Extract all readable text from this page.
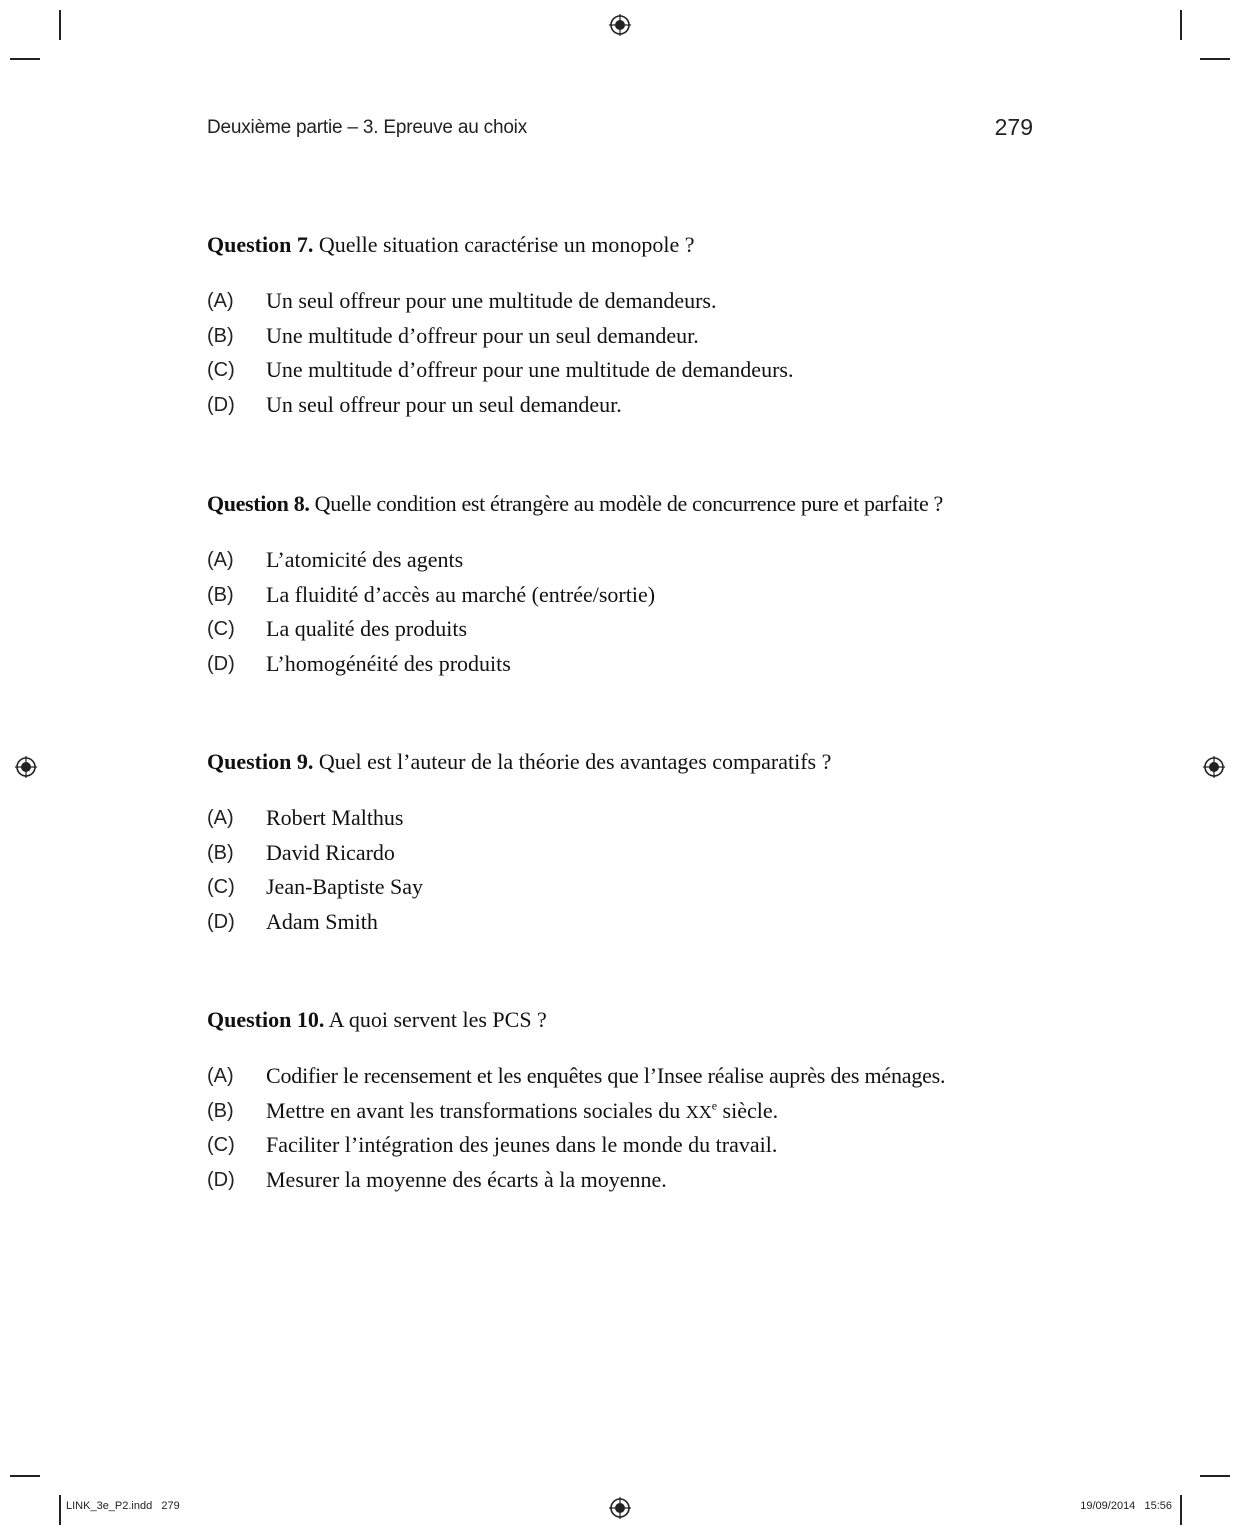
Deuxième partie – 3. Epreuve au choix	279
Question 7. Quelle situation caractérise un monopole ?
(A)	Un seul offreur pour une multitude de demandeurs.
(B)	Une multitude d’offreur pour un seul demandeur.
(C)	Une multitude d’offreur pour une multitude de demandeurs.
(D)	Un seul offreur pour un seul demandeur.
Question 8. Quelle condition est étrangère au modèle de concurrence pure et parfaite ?
(A)	L’atomicité des agents
(B)	La fluidité d’accès au marché (entrée/sortie)
(C)	La qualité des produits
(D)	L’homogénéité des produits
Question 9. Quel est l’auteur de la théorie des avantages comparatifs ?
(A)	Robert Malthus
(B)	David Ricardo
(C)	Jean-Baptiste Say
(D)	Adam Smith
Question 10. A quoi servent les PCS ?
(A)	Codifier le recensement et les enquêtes que l’Insee réalise auprès des ménages.
(B)	Mettre en avant les transformations sociales du XXe siècle.
(C)	Faciliter l’intégration des jeunes dans le monde du travail.
(D)	Mesurer la moyenne des écarts à la moyenne.
LINK_3e_P2.indd   279	19/09/2014   15:56
